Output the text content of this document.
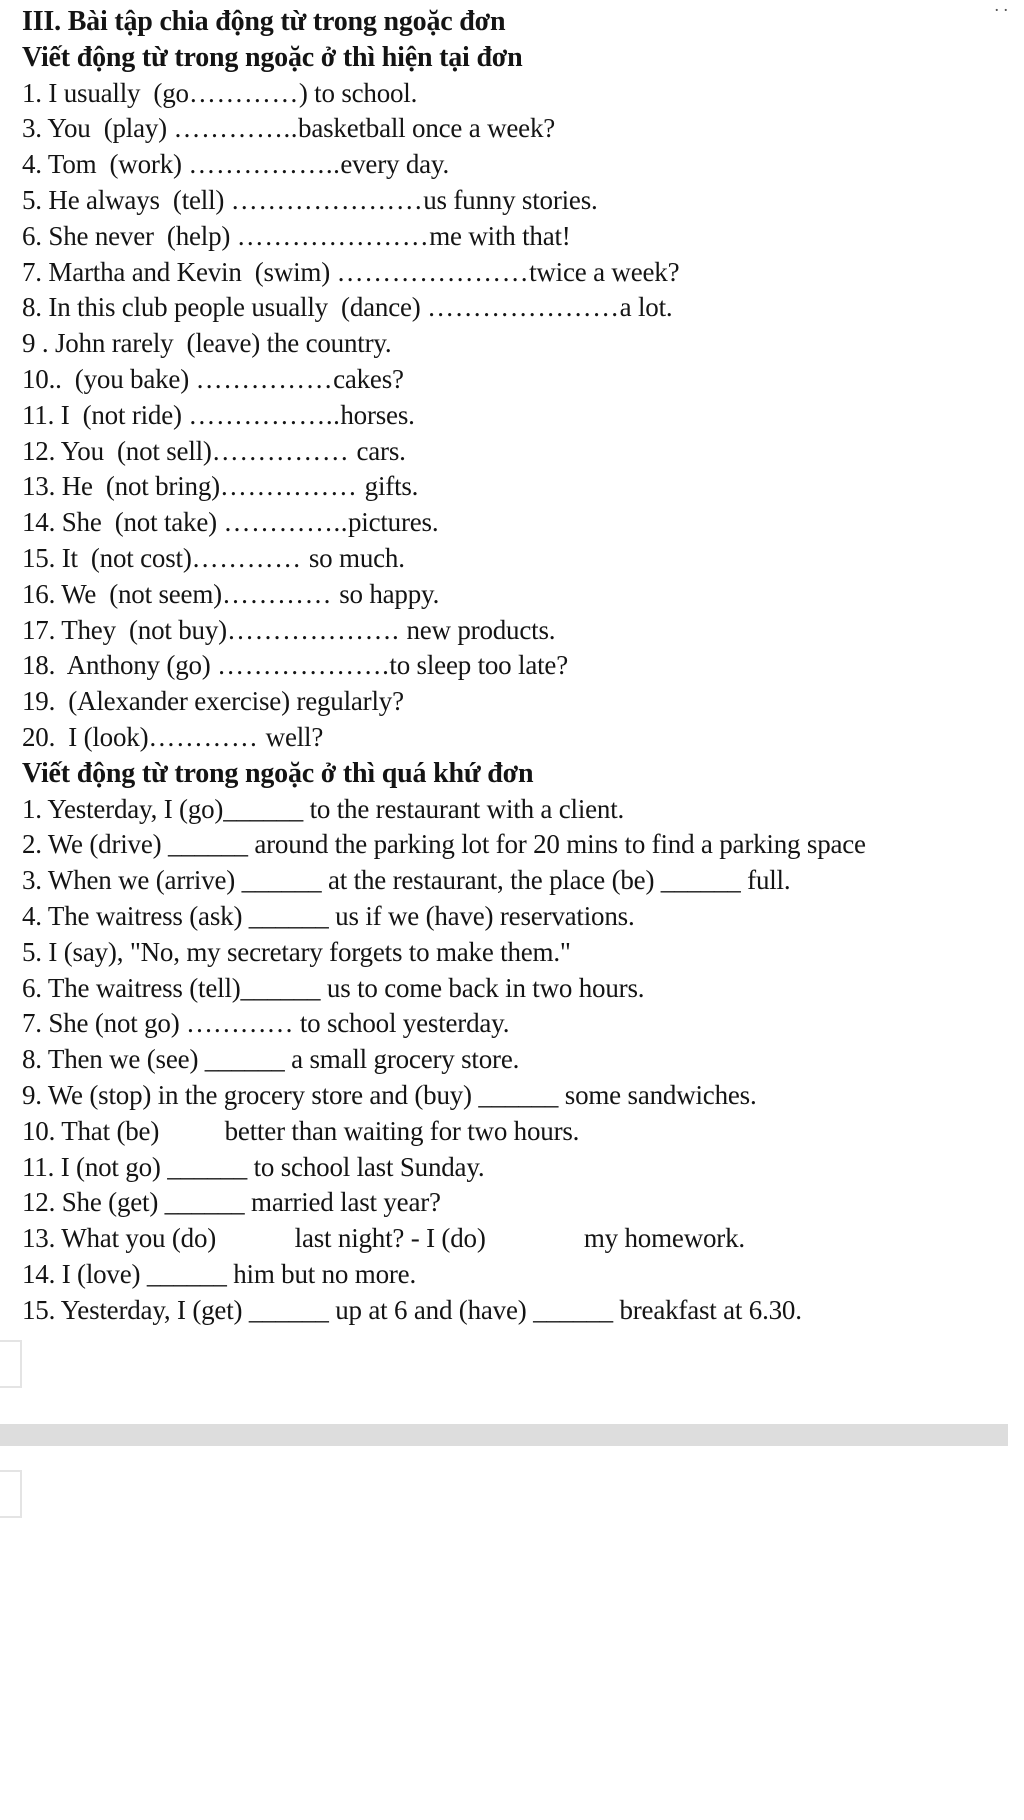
. .
III. Bài tập chia động từ trong ngoặc đơn
Viết động từ trong ngoặc ở thì hiện tại đơn
1. I usually  (go…………) to school.
3. You  (play) …………..basketball once a week?
4. Tom  (work) ……………..every day.
5. He always  (tell) …………………us funny stories.
6. She never  (help) …………………me with that!
7. Martha and Kevin  (swim) …………………twice a week?
8. In this club people usually  (dance) …………………a lot.
9 . John rarely  (leave) the country.
10..  (you bake) ……………cakes?
11. I  (not ride) ……………..horses.
12. You  (not sell)…………… cars.
13. He  (not bring)…………… gifts.
14. She  (not take) …………..pictures.
15. It  (not cost)………… so much.
16. We  (not seem)………… so happy.
17. They  (not buy)………………. new products.
18.  Anthony (go) ……………….to sleep too late?
19.  (Alexander exercise) regularly?
20.  I (look)………… well?
Viết động từ trong ngoặc ở thì quá khứ đơn
1. Yesterday, I (go)______ to the restaurant with a client.
2. We (drive) ______ around the parking lot for 20 mins to find a parking space
3. When we (arrive) ______ at the restaurant, the place (be) ______ full.
4. The waitress (ask) ______ us if we (have) reservations.
5. I (say), "No, my secretary forgets to make them."
6. The waitress (tell)______ us to come back in two hours.
7. She (not go) ………… to school yesterday.
8. Then we (see) ______ a small grocery store.
9. We (stop) in the grocery store and (buy) ______ some sandwiches.
10. That (be)          better than waiting for two hours.
11. I (not go) ______ to school last Sunday.
12. She (get) ______ married last year?
13. What you (do)            last night? - I (do)               my homework.
14. I (love) ______ him but no more.
15. Yesterday, I (get) ______ up at 6 and (have) ______ breakfast at 6.30.
